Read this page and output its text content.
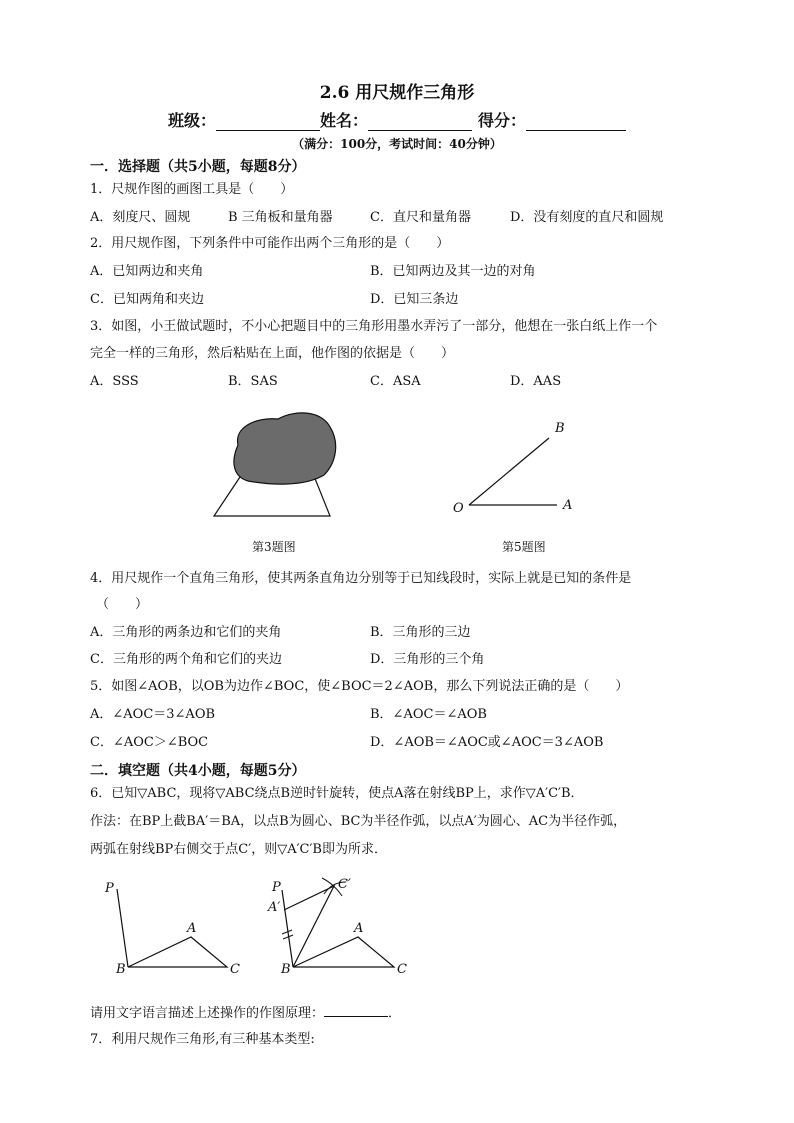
2.6 用尺规作三角形
班级：	姓名：	得分：
（满分：100分，考试时间：40分钟）
一．选择题（共5小题，每题8分）
1．尺规作图的画图工具是（　　）
A．刻度尺、圆规	B 三角板和量角器	C．直尺和量角器	D．没有刻度的直尺和圆规
2．用尺规作图，下列条件中可能作出两个三角形的是（　　）
A．已知两边和夹角	B．已知两边及其一边的对角
C．已知两角和夹边	D．已知三条边
3．如图，小王做试题时，不小心把题目中的三角形用墨水弄污了一部分，他想在一张白纸上作一个
完全一样的三角形，然后粘贴在上面，他作图的依据是（　　）
A．SSS	B．SAS	C．ASA	D．AAS
第3题图
B
O	A
第5题图
4．用尺规作一个直角三角形，使其两条直角边分别等于已知线段时，实际上就是已知的条件是
（　　）
A．三角形的两条边和它们的夹角	B．三角形的三边
C．三角形的两个角和它们的夹边	D．三角形的三个角
5．如图∠AOB，以OB为边作∠BOC，使∠BOC＝2∠AOB，那么下列说法正确的是（　　）
A．∠AOC＝3∠AOB	B．∠AOC＝∠AOB
C．∠AOC＞∠BOC	D．∠AOB＝∠AOC或∠AOC＝3∠AOB
二．填空题（共4小题，每题5分）
6．已知▽ABC，现将▽ABC绕点B逆时针旋转，使点A落在射线BP上，求作▽A′C′B．
作法：在BP上截BA′＝BA，以点B为圆心、BC为半径作弧，以点A′为圆心、AC为半径作弧，
两弧在射线BP右侧交于点C′，则▽A′C′B即为所求．
P
A
B	C
P
A′
C′
A
B	C
请用文字语言描述上述操作的作图原理：	．
7．利用尺规作三角形,有三种基本类型:
